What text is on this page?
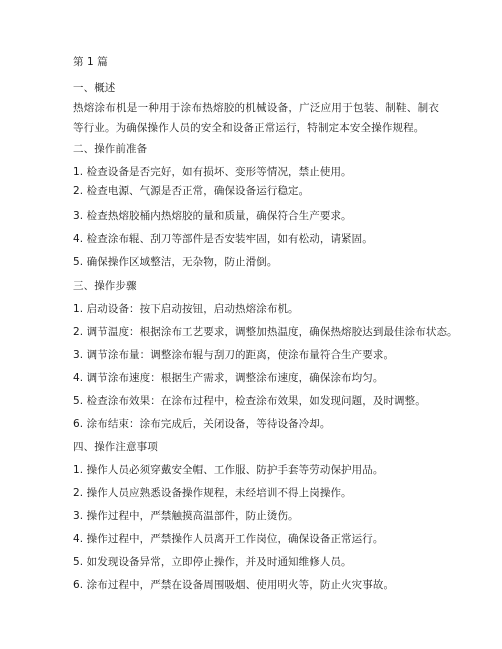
第 1 篇
一、概述
热熔涂布机是一种用于涂布热熔胶的机械设备，广泛应用于包装、制鞋、制衣等行业。为确保操作人员的安全和设备正常运行，特制定本安全操作规程。
二、操作前准备
1. 检查设备是否完好，如有损坏、变形等情况，禁止使用。
2. 检查电源、气源是否正常，确保设备运行稳定。
3. 检查热熔胶桶内热熔胶的量和质量，确保符合生产要求。
4. 检查涂布辊、刮刀等部件是否安装牢固，如有松动，请紧固。
5. 确保操作区域整洁，无杂物，防止滑倒。
三、操作步骤
1. 启动设备：按下启动按钮，启动热熔涂布机。
2. 调节温度：根据涂布工艺要求，调整加热温度，确保热熔胶达到最佳涂布状态。
3. 调节涂布量：调整涂布辊与刮刀的距离，使涂布量符合生产要求。
4. 调节涂布速度：根据生产需求，调整涂布速度，确保涂布均匀。
5. 检查涂布效果：在涂布过程中，检查涂布效果，如发现问题，及时调整。
6. 涂布结束：涂布完成后，关闭设备，等待设备冷却。
四、操作注意事项
1. 操作人员必须穿戴安全帽、工作服、防护手套等劳动保护用品。
2. 操作人员应熟悉设备操作规程，未经培训不得上岗操作。
3. 操作过程中，严禁触摸高温部件，防止烫伤。
4. 操作过程中，严禁操作人员离开工作岗位，确保设备正常运行。
5. 如发现设备异常，立即停止操作，并及时通知维修人员。
6. 涂布过程中，严禁在设备周围吸烟、使用明火等，防止火灾事故。
